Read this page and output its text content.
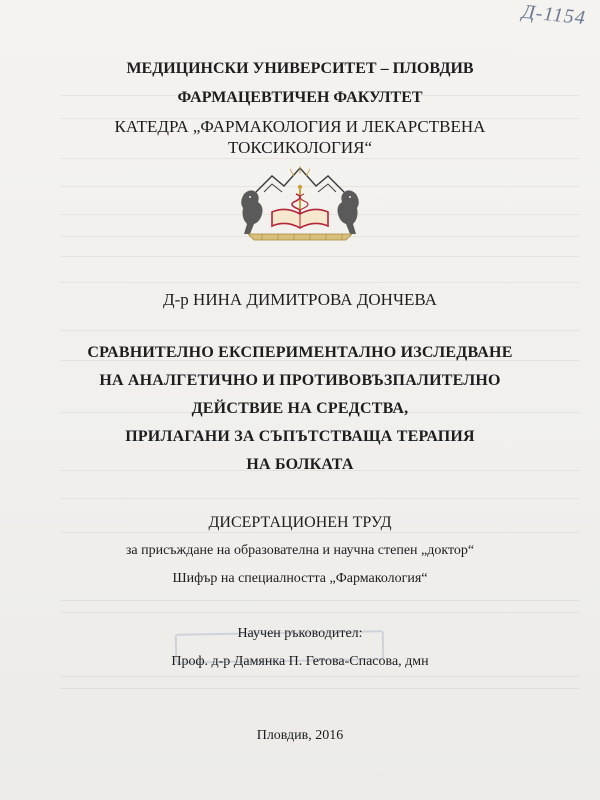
Д-1154
МЕДИЦИНСКИ УНИВЕРСИТЕТ – ПЛОВДИВ
ФАРМАЦЕВТИЧЕН ФАКУЛТЕТ
КАТЕДРА „ФАРМАКОЛОГИЯ И ЛЕКАРСТВЕНА
ТОКСИКОЛОГИЯ“
Д-р НИНА ДИМИТРОВА ДОНЧЕВА
СРАВНИТЕЛНО ЕКСПЕРИМЕНТАЛНО ИЗСЛЕДВАНЕ
НА АНАЛГЕТИЧНО И ПРОТИВОВЪЗПАЛИТЕЛНО
ДЕЙСТВИЕ НА СРЕДСТВА,
ПРИЛАГАНИ ЗА СЪПЪТСТВАЩА ТЕРАПИЯ
НА БОЛКАТА
ДИСЕРТАЦИОНЕН ТРУД
за присъждане на образователна и научна степен „доктор“
Шифър на специалността „Фармакология“
Научен ръководител:
Проф. д-р Дамянка П. Гетова-Спасова, дмн
Пловдив, 2016
